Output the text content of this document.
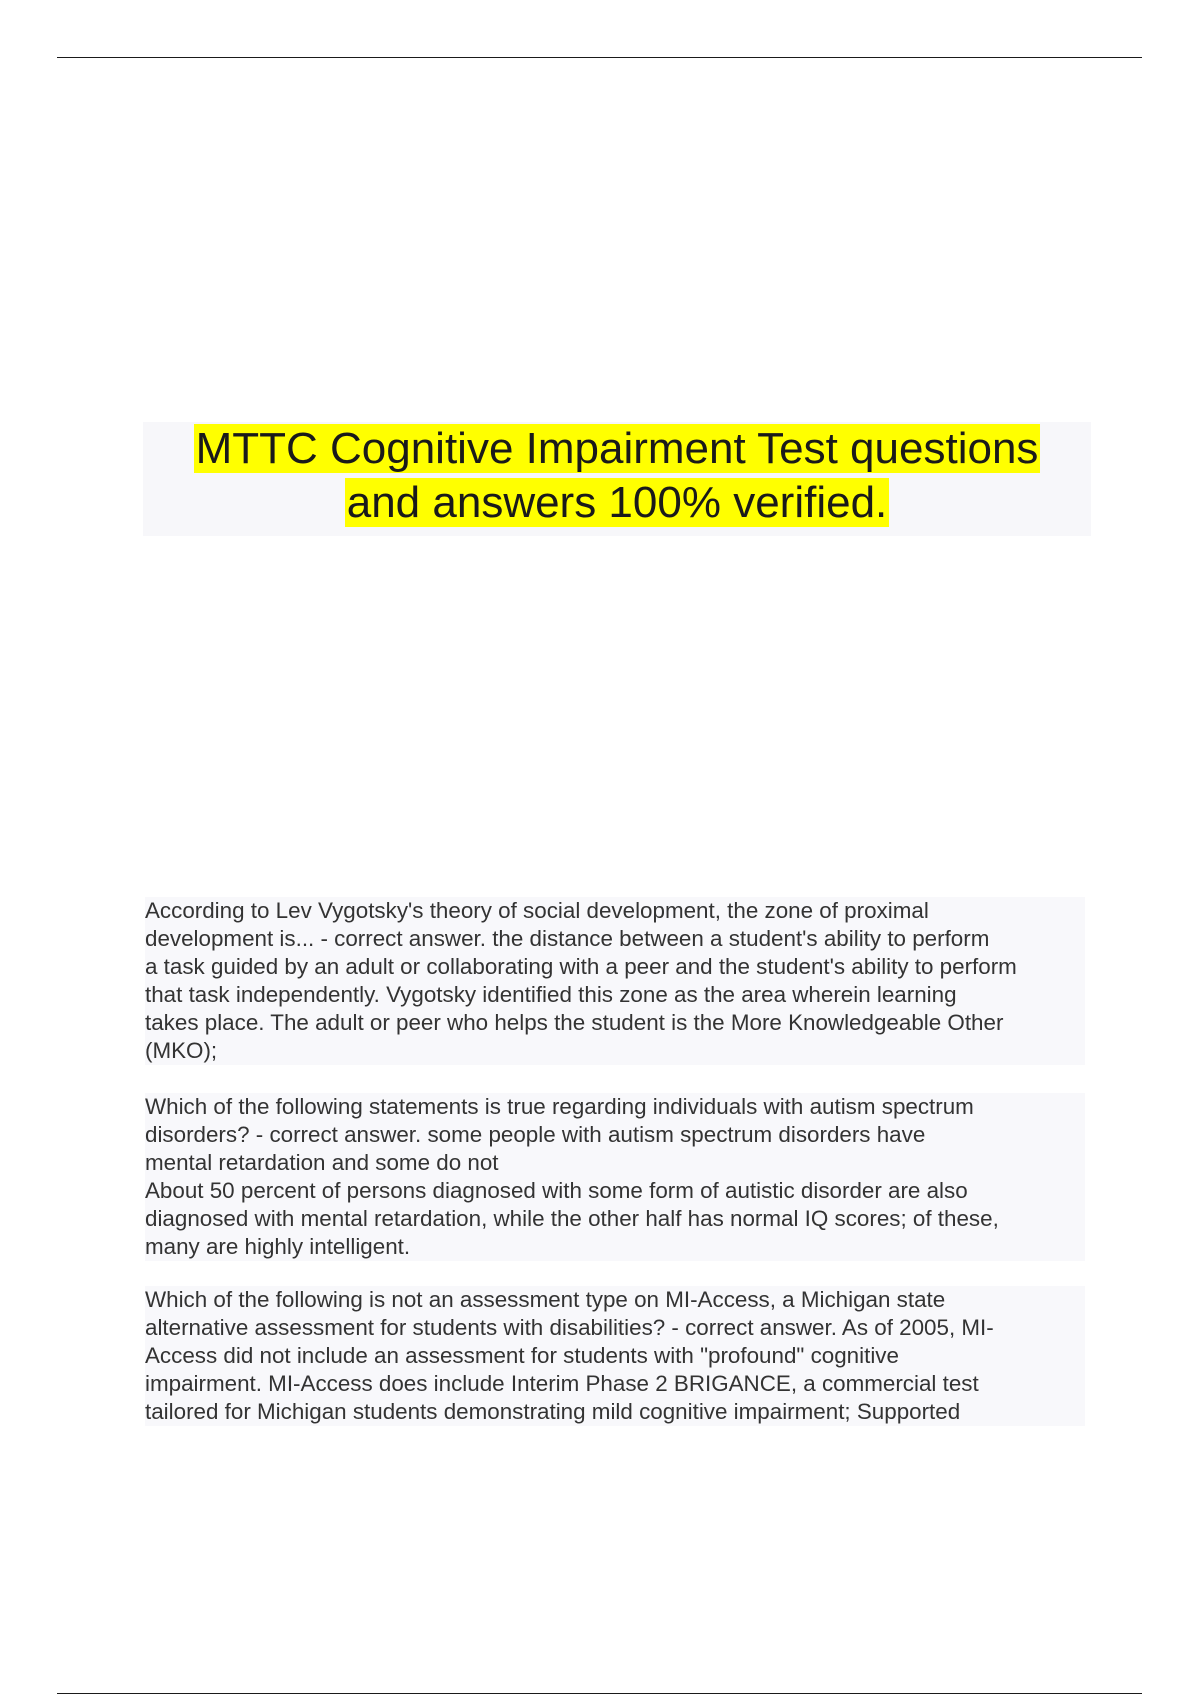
MTTC Cognitive Impairment Test questions
and answers 100% verified.

According to Lev Vygotsky's theory of social development, the zone of proximal
development is... - correct answer. the distance between a student's ability to perform
a task guided by an adult or collaborating with a peer and the student's ability to perform
that task independently. Vygotsky identified this zone as the area wherein learning
takes place. The adult or peer who helps the student is the More Knowledgeable Other
(MKO);

Which of the following statements is true regarding individuals with autism spectrum
disorders? - correct answer. some people with autism spectrum disorders have
mental retardation and some do not
About 50 percent of persons diagnosed with some form of autistic disorder are also
diagnosed with mental retardation, while the other half has normal IQ scores; of these,
many are highly intelligent.

Which of the following is not an assessment type on MI-Access, a Michigan state
alternative assessment for students with disabilities? - correct answer. As of 2005, MI-
Access did not include an assessment for students with "profound" cognitive
impairment. MI-Access does include Interim Phase 2 BRIGANCE, a commercial test
tailored for Michigan students demonstrating mild cognitive impairment; Supported
